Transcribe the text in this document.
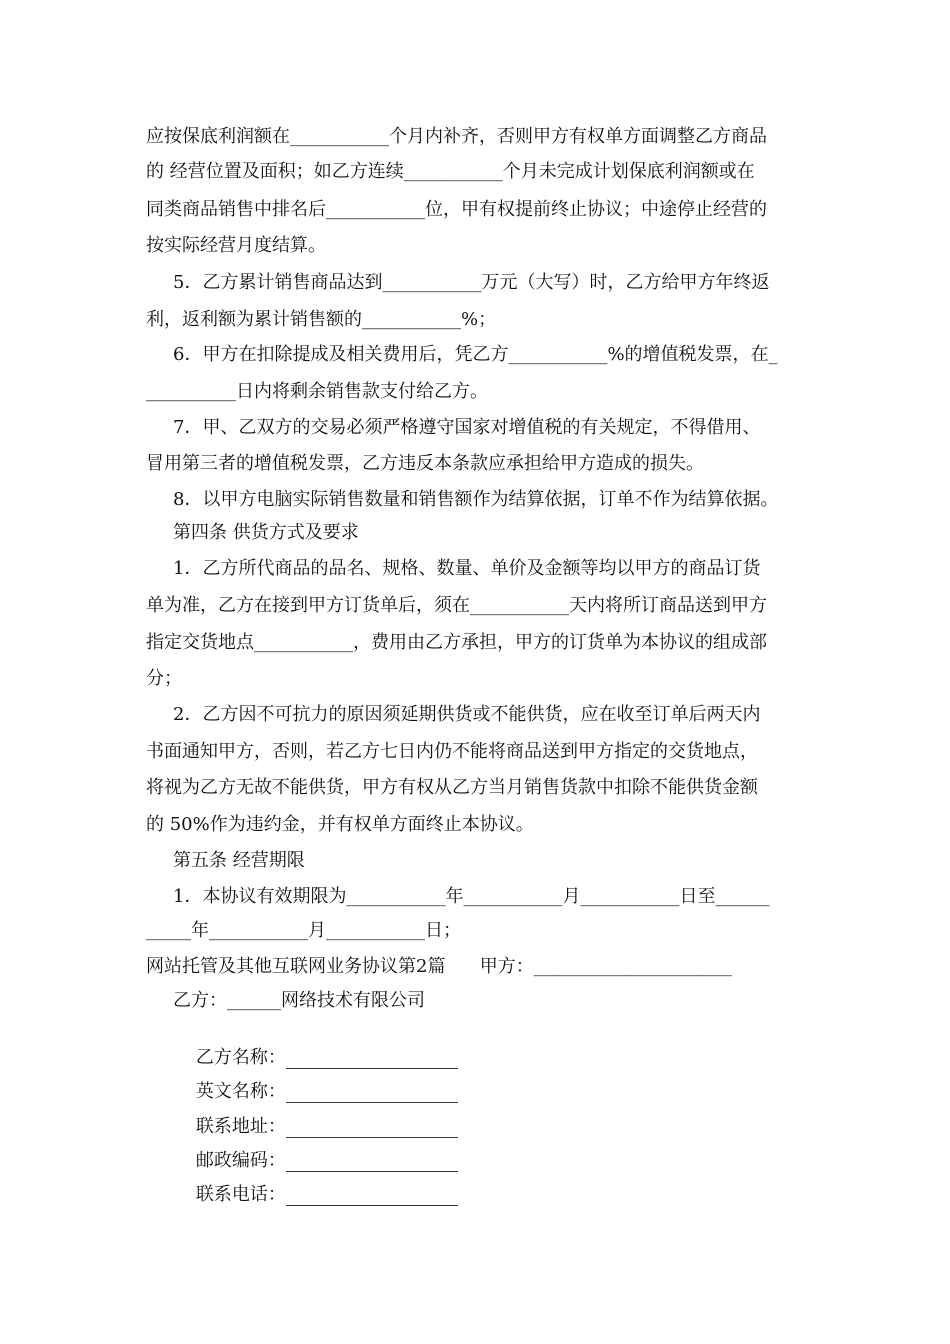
应按保底利润额在___________个月内补齐，否则甲方有权单方面调整乙方商品
的 经营位置及面积；如乙方连续___________个月未完成计划保底利润额或在
同类商品销售中排名后___________位，甲有权提前终止协议；中途停止经营的
按实际经营月度结算。
5．乙方累计销售商品达到___________万元（大写）时，乙方给甲方年终返
利，返利额为累计销售额的___________%；
6．甲方在扣除提成及相关费用后，凭乙方___________%的增值税发票，在_
__________日内将剩余销售款支付给乙方。
7．甲、乙双方的交易必须严格遵守国家对增值税的有关规定，不得借用、
冒用第三者的增值税发票，乙方违反本条款应承担给甲方造成的损失。
8．以甲方电脑实际销售数量和销售额作为结算依据，订单不作为结算依据。
第四条 供货方式及要求
1．乙方所代商品的品名、规格、数量、单价及金额等均以甲方的商品订货
单为准，乙方在接到甲方订货单后，须在___________天内将所订商品送到甲方
指定交货地点___________，费用由乙方承担，甲方的订货单为本协议的组成部
分；
2．乙方因不可抗力的原因须延期供货或不能供货，应在收至订单后两天内
书面通知甲方，否则，若乙方七日内仍不能将商品送到甲方指定的交货地点，
将视为乙方无故不能供货，甲方有权从乙方当月销售货款中扣除不能供货金额
的 50%作为违约金，并有权单方面终止本协议。
第五条 经营期限
1．本协议有效期限为___________年___________月___________日至______
_____年___________月___________日；
网站托管及其他互联网业务协议第2篇      甲方：______________________
乙方：______网络技术有限公司

乙方名称：

英文名称：

联系地址：

邮政编码：

联系电话：
